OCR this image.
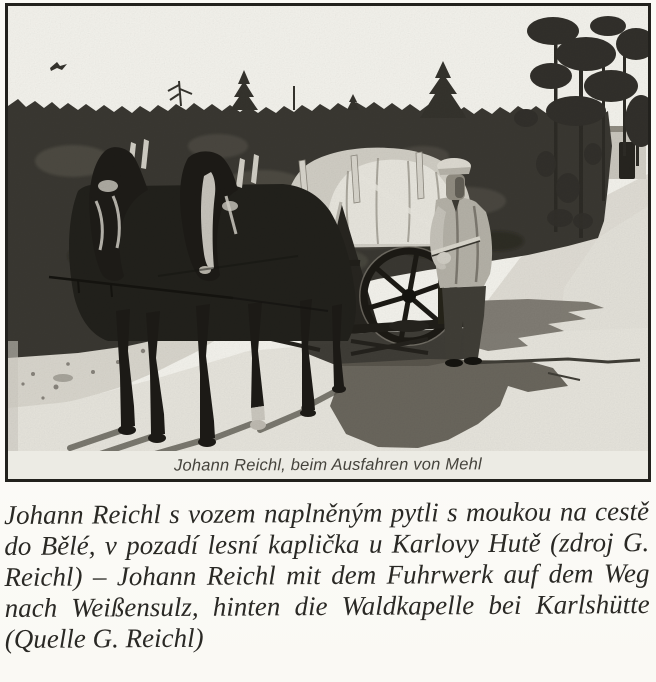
Johann Reichl, beim Ausfahren von Mehl
Johann Reichl s vozem naplněným pytli s moukou na cestě
do Bělé, v pozadí lesní kaplička u Karlovy Hutě (zdroj G.
Reichl) – Johann Reichl mit dem Fuhrwerk auf dem Weg
nach Weißensulz, hinten die Waldkapelle bei Karlshütte
(Quelle G. Reichl)
